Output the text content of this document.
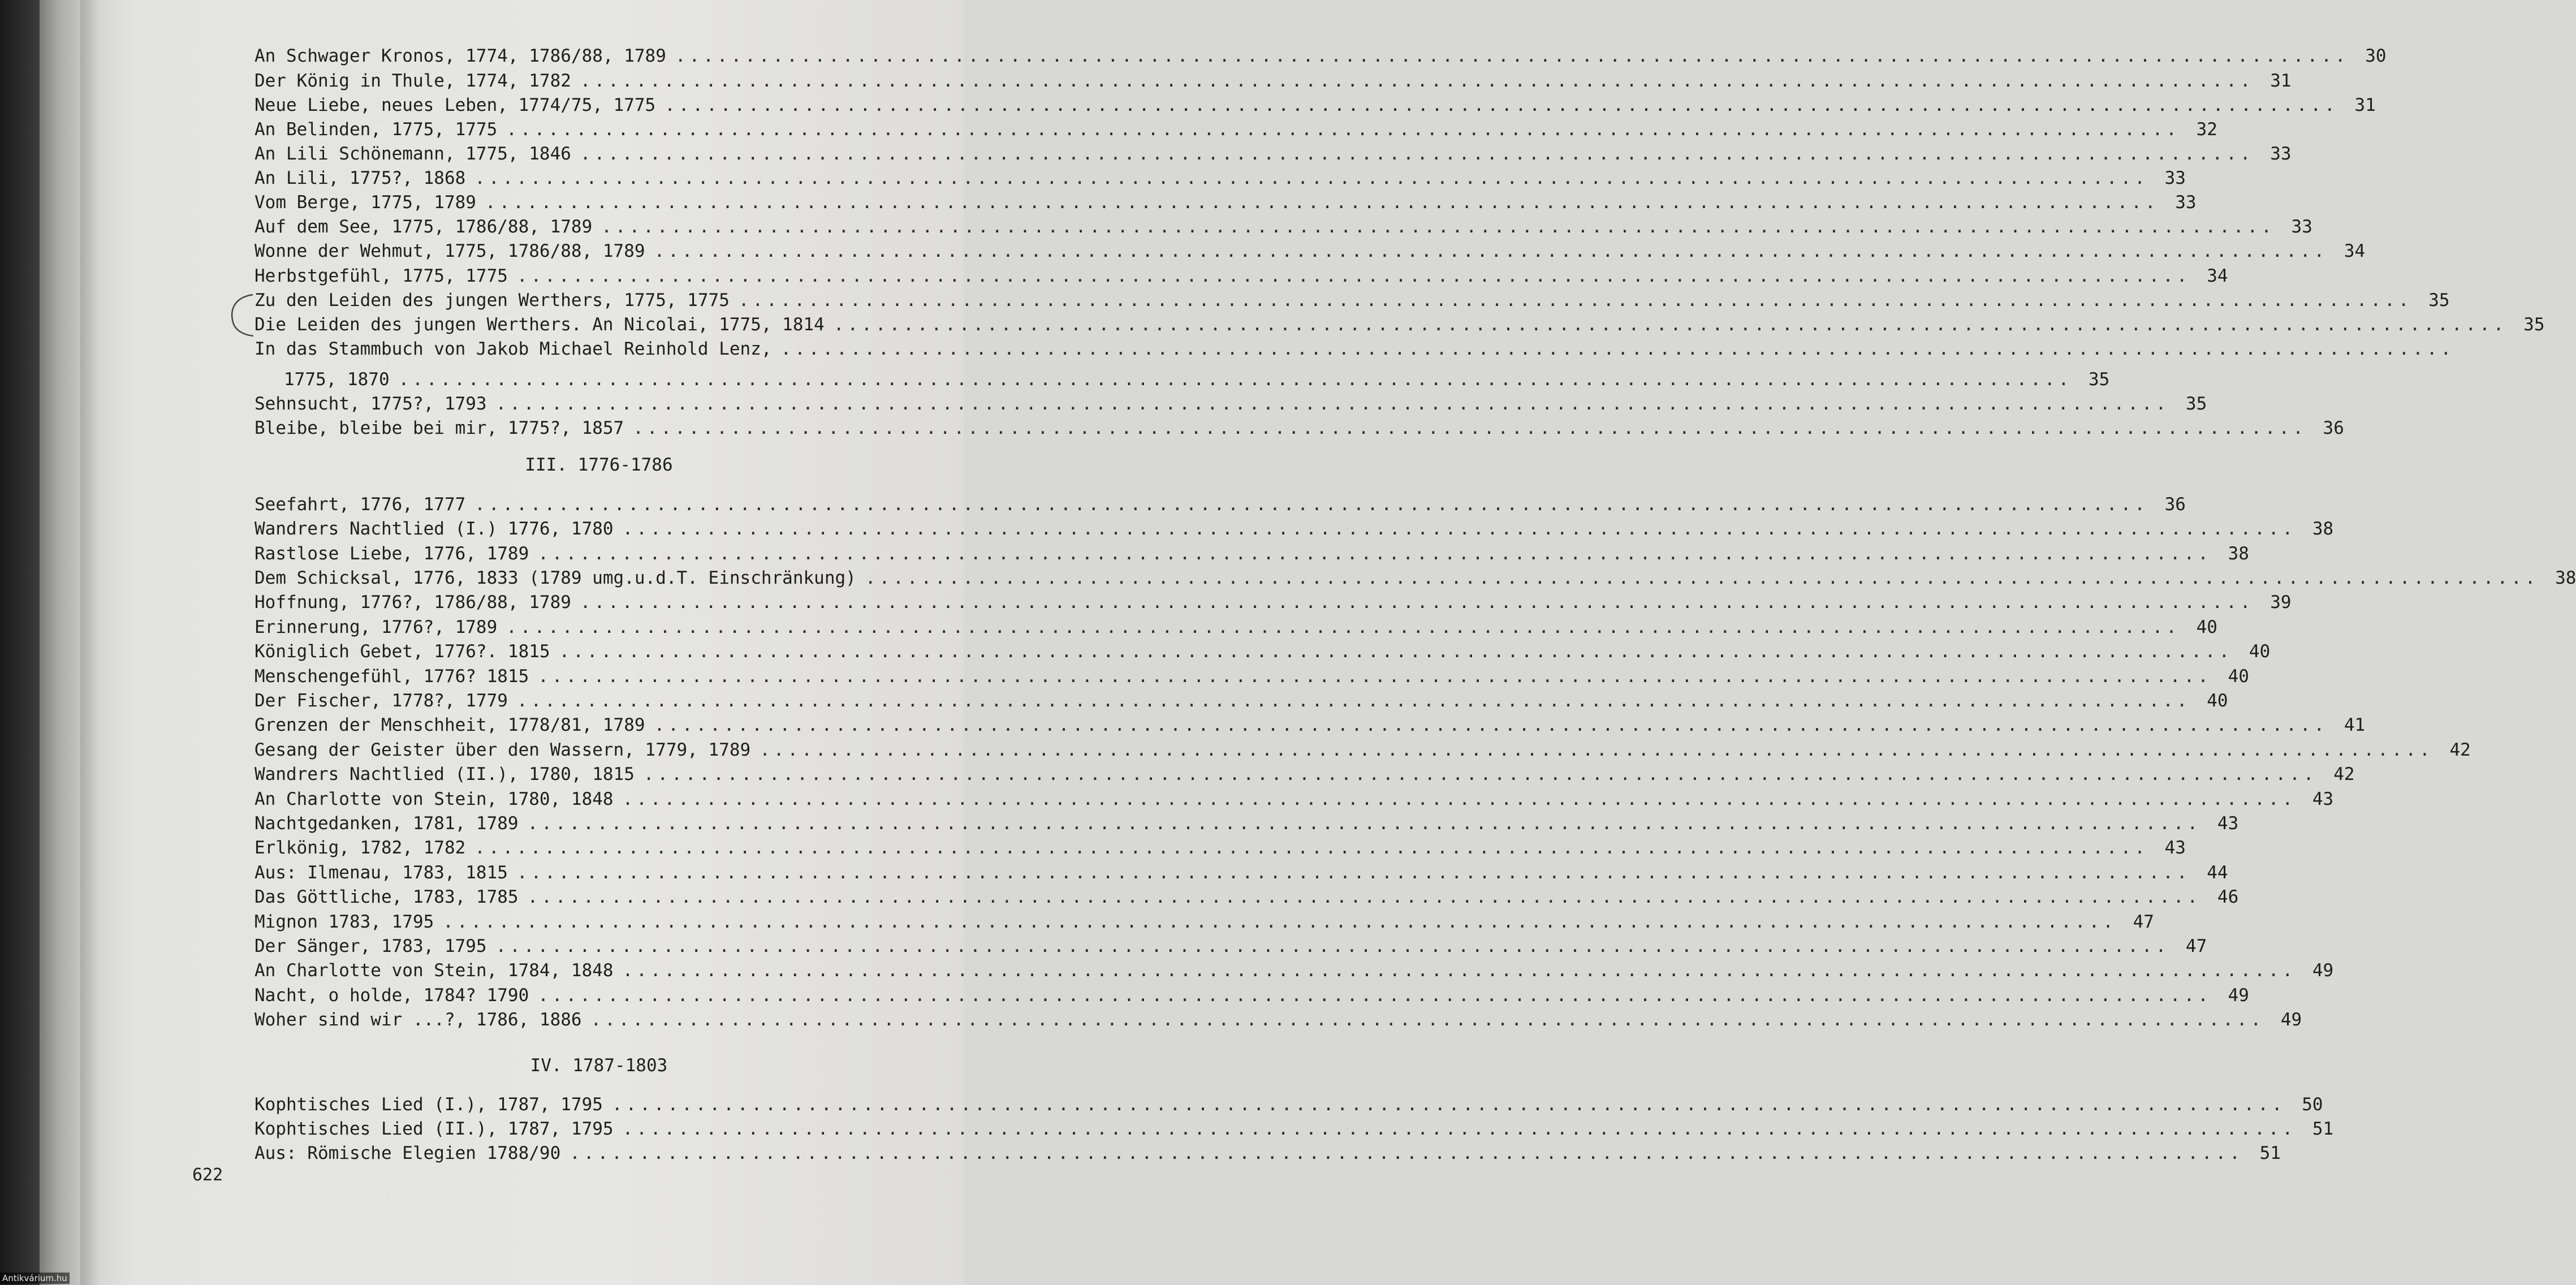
An Schwager Kronos, 1774, 1786/88, 1789 ........................................................................................................................ 30
Der König in Thule, 1774, 1782 ........................................................................................................................ 31
Neue Liebe, neues Leben, 1774/75, 1775 ........................................................................................................................ 31
An Belinden, 1775, 1775 ........................................................................................................................ 32
An Lili Schönemann, 1775, 1846 ........................................................................................................................ 33
An Lili, 1775?, 1868 ........................................................................................................................ 33
Vom Berge, 1775, 1789 ........................................................................................................................ 33
Auf dem See, 1775, 1786/88, 1789 ........................................................................................................................ 33
Wonne der Wehmut, 1775, 1786/88, 1789 ........................................................................................................................ 34
Herbstgefühl, 1775, 1775 ........................................................................................................................ 34
Zu den Leiden des jungen Werthers, 1775, 1775 ........................................................................................................................ 35
Die Leiden des jungen Werthers. An Nicolai, 1775, 1814 ........................................................................................................................ 35
In das Stammbuch von Jakob Michael Reinhold Lenz, ........................................................................................................................
1775, 1870 ........................................................................................................................ 35
Sehnsucht, 1775?, 1793 ........................................................................................................................ 35
Bleibe, bleibe bei mir, 1775?, 1857 ........................................................................................................................ 36
III. 1776-1786
Seefahrt, 1776, 1777 ........................................................................................................................ 36
Wandrers Nachtlied (I.) 1776, 1780 ........................................................................................................................ 38
Rastlose Liebe, 1776, 1789 ........................................................................................................................ 38
Dem Schicksal, 1776, 1833 (1789 umg.u.d.T. Einschränkung) ........................................................................................................................ 38
Hoffnung, 1776?, 1786/88, 1789 ........................................................................................................................ 39
Erinnerung, 1776?, 1789 ........................................................................................................................ 40
Königlich Gebet, 1776?. 1815 ........................................................................................................................ 40
Menschengefühl, 1776? 1815 ........................................................................................................................ 40
Der Fischer, 1778?, 1779 ........................................................................................................................ 40
Grenzen der Menschheit, 1778/81, 1789 ........................................................................................................................ 41
Gesang der Geister über den Wassern, 1779, 1789 ........................................................................................................................ 42
Wandrers Nachtlied (II.), 1780, 1815 ........................................................................................................................ 42
An Charlotte von Stein, 1780, 1848 ........................................................................................................................ 43
Nachtgedanken, 1781, 1789 ........................................................................................................................ 43
Erlkönig, 1782, 1782 ........................................................................................................................ 43
Aus: Ilmenau, 1783, 1815 ........................................................................................................................ 44
Das Göttliche, 1783, 1785 ........................................................................................................................ 46
Mignon 1783, 1795 ........................................................................................................................ 47
Der Sänger, 1783, 1795 ........................................................................................................................ 47
An Charlotte von Stein, 1784, 1848 ........................................................................................................................ 49
Nacht, o holde, 1784? 1790 ........................................................................................................................ 49
Woher sind wir ...?, 1786, 1886 ........................................................................................................................ 49
IV. 1787-1803
Kophtisches Lied (I.), 1787, 1795 ........................................................................................................................ 50
Kophtisches Lied (II.), 1787, 1795 ........................................................................................................................ 51
Aus: Römische Elegien 1788/90 ........................................................................................................................ 51
622
Antikvárium.hu
